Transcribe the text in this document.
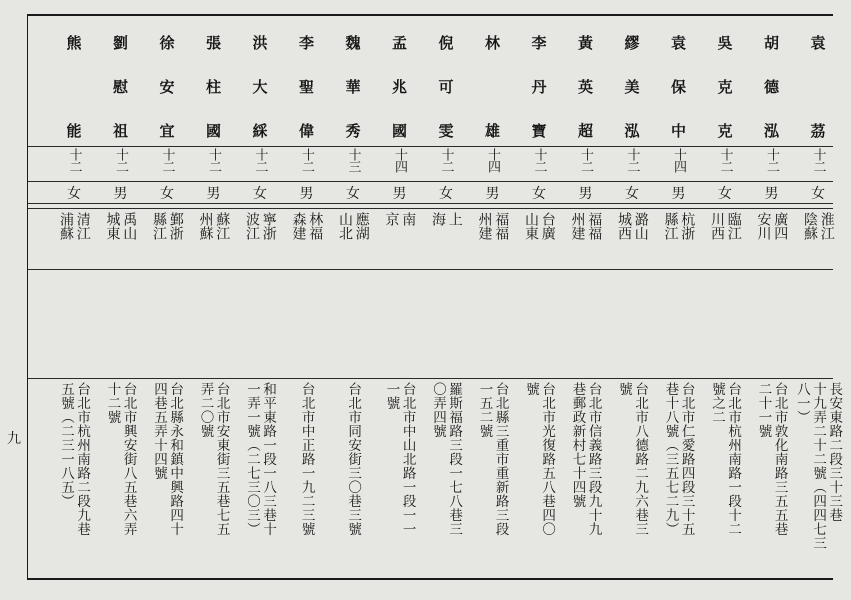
九
袁
茘
十二
女
淮江
陰蘇
長安東路二段三十三巷
十九弄二十二號（四四七三
八一）
胡
德
泓
十二
男
廣四
安川
台北市敦化南路三五五巷
二十一號
吳
克
克
十二
女
臨江
川西
台北市杭州南路一段十二
號之二
袁
保
中
十四
男
杭浙
縣江
台北市仁愛路四段三十五
巷十八號（三五七二九）
繆
美
泓
十二
女
潞山
城西
台北市八德路二九六巷三
號
黃
英
超
十二
男
福福
州建
台北市信義路三段九十九
巷郵政新村七十四號
李
丹
寶
十二
女
台廣
山東
台北市光復路五八巷四〇
號
林
雄
十四
男
福福
州建
台北縣三重市重新路三段
一五二號
倪
可
雯
十二
女
上
海
羅斯福路三段一七八巷三
〇弄四號
孟
兆
國
十四
男
南
京
台北市中山北路一段一一
一號
魏
華
秀
十三
女
應湖
山北
台北市同安街三〇巷三號
李
聖
偉
十二
男
林福
森建
台北市中正路一九二三號
洪
大
綵
十二
女
寧浙
波江
和平東路一段一八三巷十
一弄一號（二七三〇三）
張
柱
國
十二
男
蘇江
州蘇
台北市安東街三五巷七五
弄二〇號
徐
安
宜
十二
女
鄞浙
縣江
台北縣永和鎮中興路四十
四巷五弄十四號
劉
慰
祖
十二
男
禹山
城東
台北市興安街八五巷六弄
十二號
熊
能
十二
女
清江
浦蘇
台北市杭州南路二段九巷
五號（二三一八五）
